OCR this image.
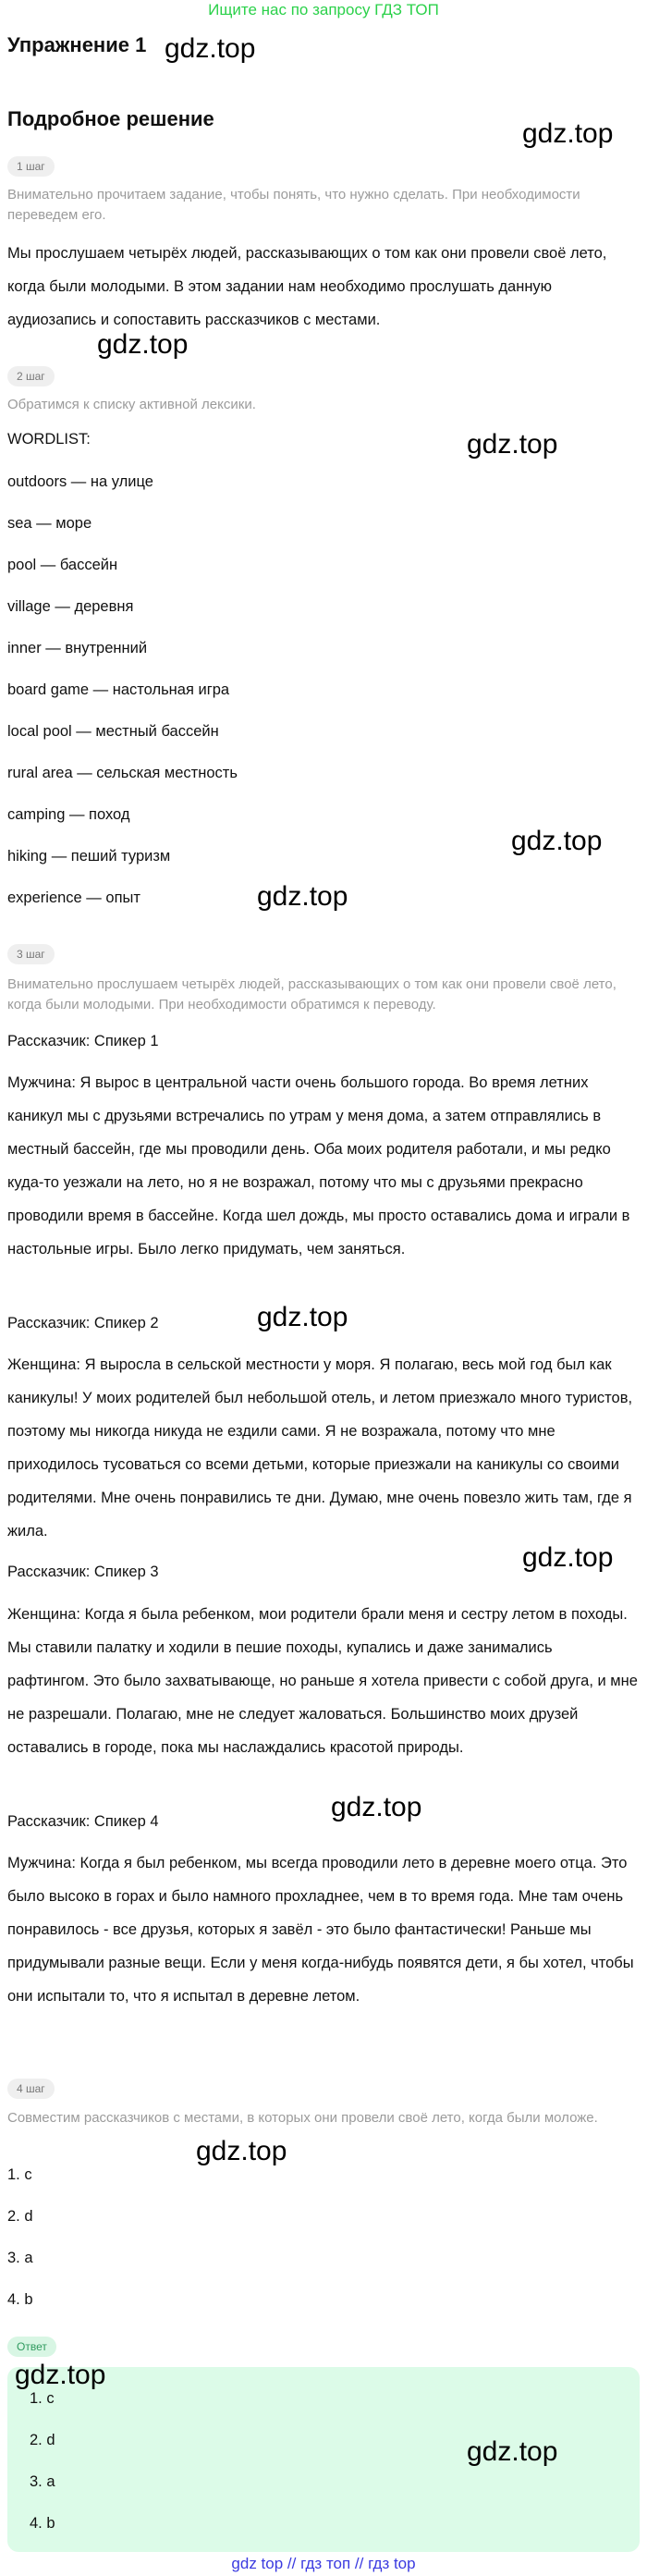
Ищите нас по запросу ГДЗ ТОП
Упражнение 1
Подробное решение
1 шаг
Внимательно прочитаем задание, чтобы понять, что нужно сделать. При необходимости переведем его.
Мы прослушаем четырёх людей, рассказывающих о том как они провели своё лето, когда были молодыми. В этом задании нам необходимо прослушать данную аудиозапись и сопоставить рассказчиков с местами.
2 шаг
Обратимся к списку активной лексики.
WORDLIST:
outdoors — на улице
sea — море
pool — бассейн
village — деревня
inner — внутренний
board game — настольная игра
local pool — местный бассейн
rural area — сельская местность
camping — поход
hiking — пеший туризм
experience — опыт
3 шаг
Внимательно прослушаем четырёх людей, рассказывающих о том как они провели своё лето, когда были молодыми. При необходимости обратимся к переводу.
Рассказчик: Спикер 1
Мужчина: Я вырос в центральной части очень большого города. Во время летних каникул мы с друзьями встречались по утрам у меня дома, а затем отправлялись в местный бассейн, где мы проводили день. Оба моих родителя работали, и мы редко куда-то уезжали на лето, но я не возражал, потому что мы с друзьями прекрасно проводили время в бассейне. Когда шел дождь, мы просто оставались дома и играли в настольные игры. Было легко придумать, чем заняться.
Рассказчик: Спикер 2
Женщина: Я выросла в сельской местности у моря. Я полагаю, весь мой год был как каникулы! У моих родителей был небольшой отель, и летом приезжало много туристов, поэтому мы никогда никуда не ездили сами. Я не возражала, потому что мне приходилось тусоваться со всеми детьми, которые приезжали на каникулы со своими родителями. Мне очень понравились те дни. Думаю, мне очень повезло жить там, где я жила.
Рассказчик: Спикер 3
Женщина: Когда я была ребенком, мои родители брали меня и сестру летом в походы. Мы ставили палатку и ходили в пешие походы, купались и даже занимались рафтингом. Это было захватывающе, но раньше я хотела привести с собой друга, и мне не разрешали. Полагаю, мне не следует жаловаться. Большинство моих друзей оставались в городе, пока мы наслаждались красотой природы.
Рассказчик: Спикер 4
Мужчина: Когда я был ребенком, мы всегда проводили лето в деревне моего отца. Это было высоко в горах и было намного прохладнее, чем в то время года. Мне там очень понравилось - все друзья, которых я завёл - это было фантастически! Раньше мы придумывали разные вещи. Если у меня когда-нибудь появятся дети, я бы хотел, чтобы они испытали то, что я испытал в деревне летом.
4 шаг
Совместим рассказчиков с местами, в которых они провели своё лето, когда были моложе.
1. c
2. d
3. a
4. b
Ответ
1. c
2. d
3. a
4. b
gdz.top
gdz.top
gdz.top
gdz.top
gdz.top
gdz.top
gdz.top
gdz.top
gdz.top
gdz.top
gdz.top
gdz.top
gdz top // гдз топ // гдз top
